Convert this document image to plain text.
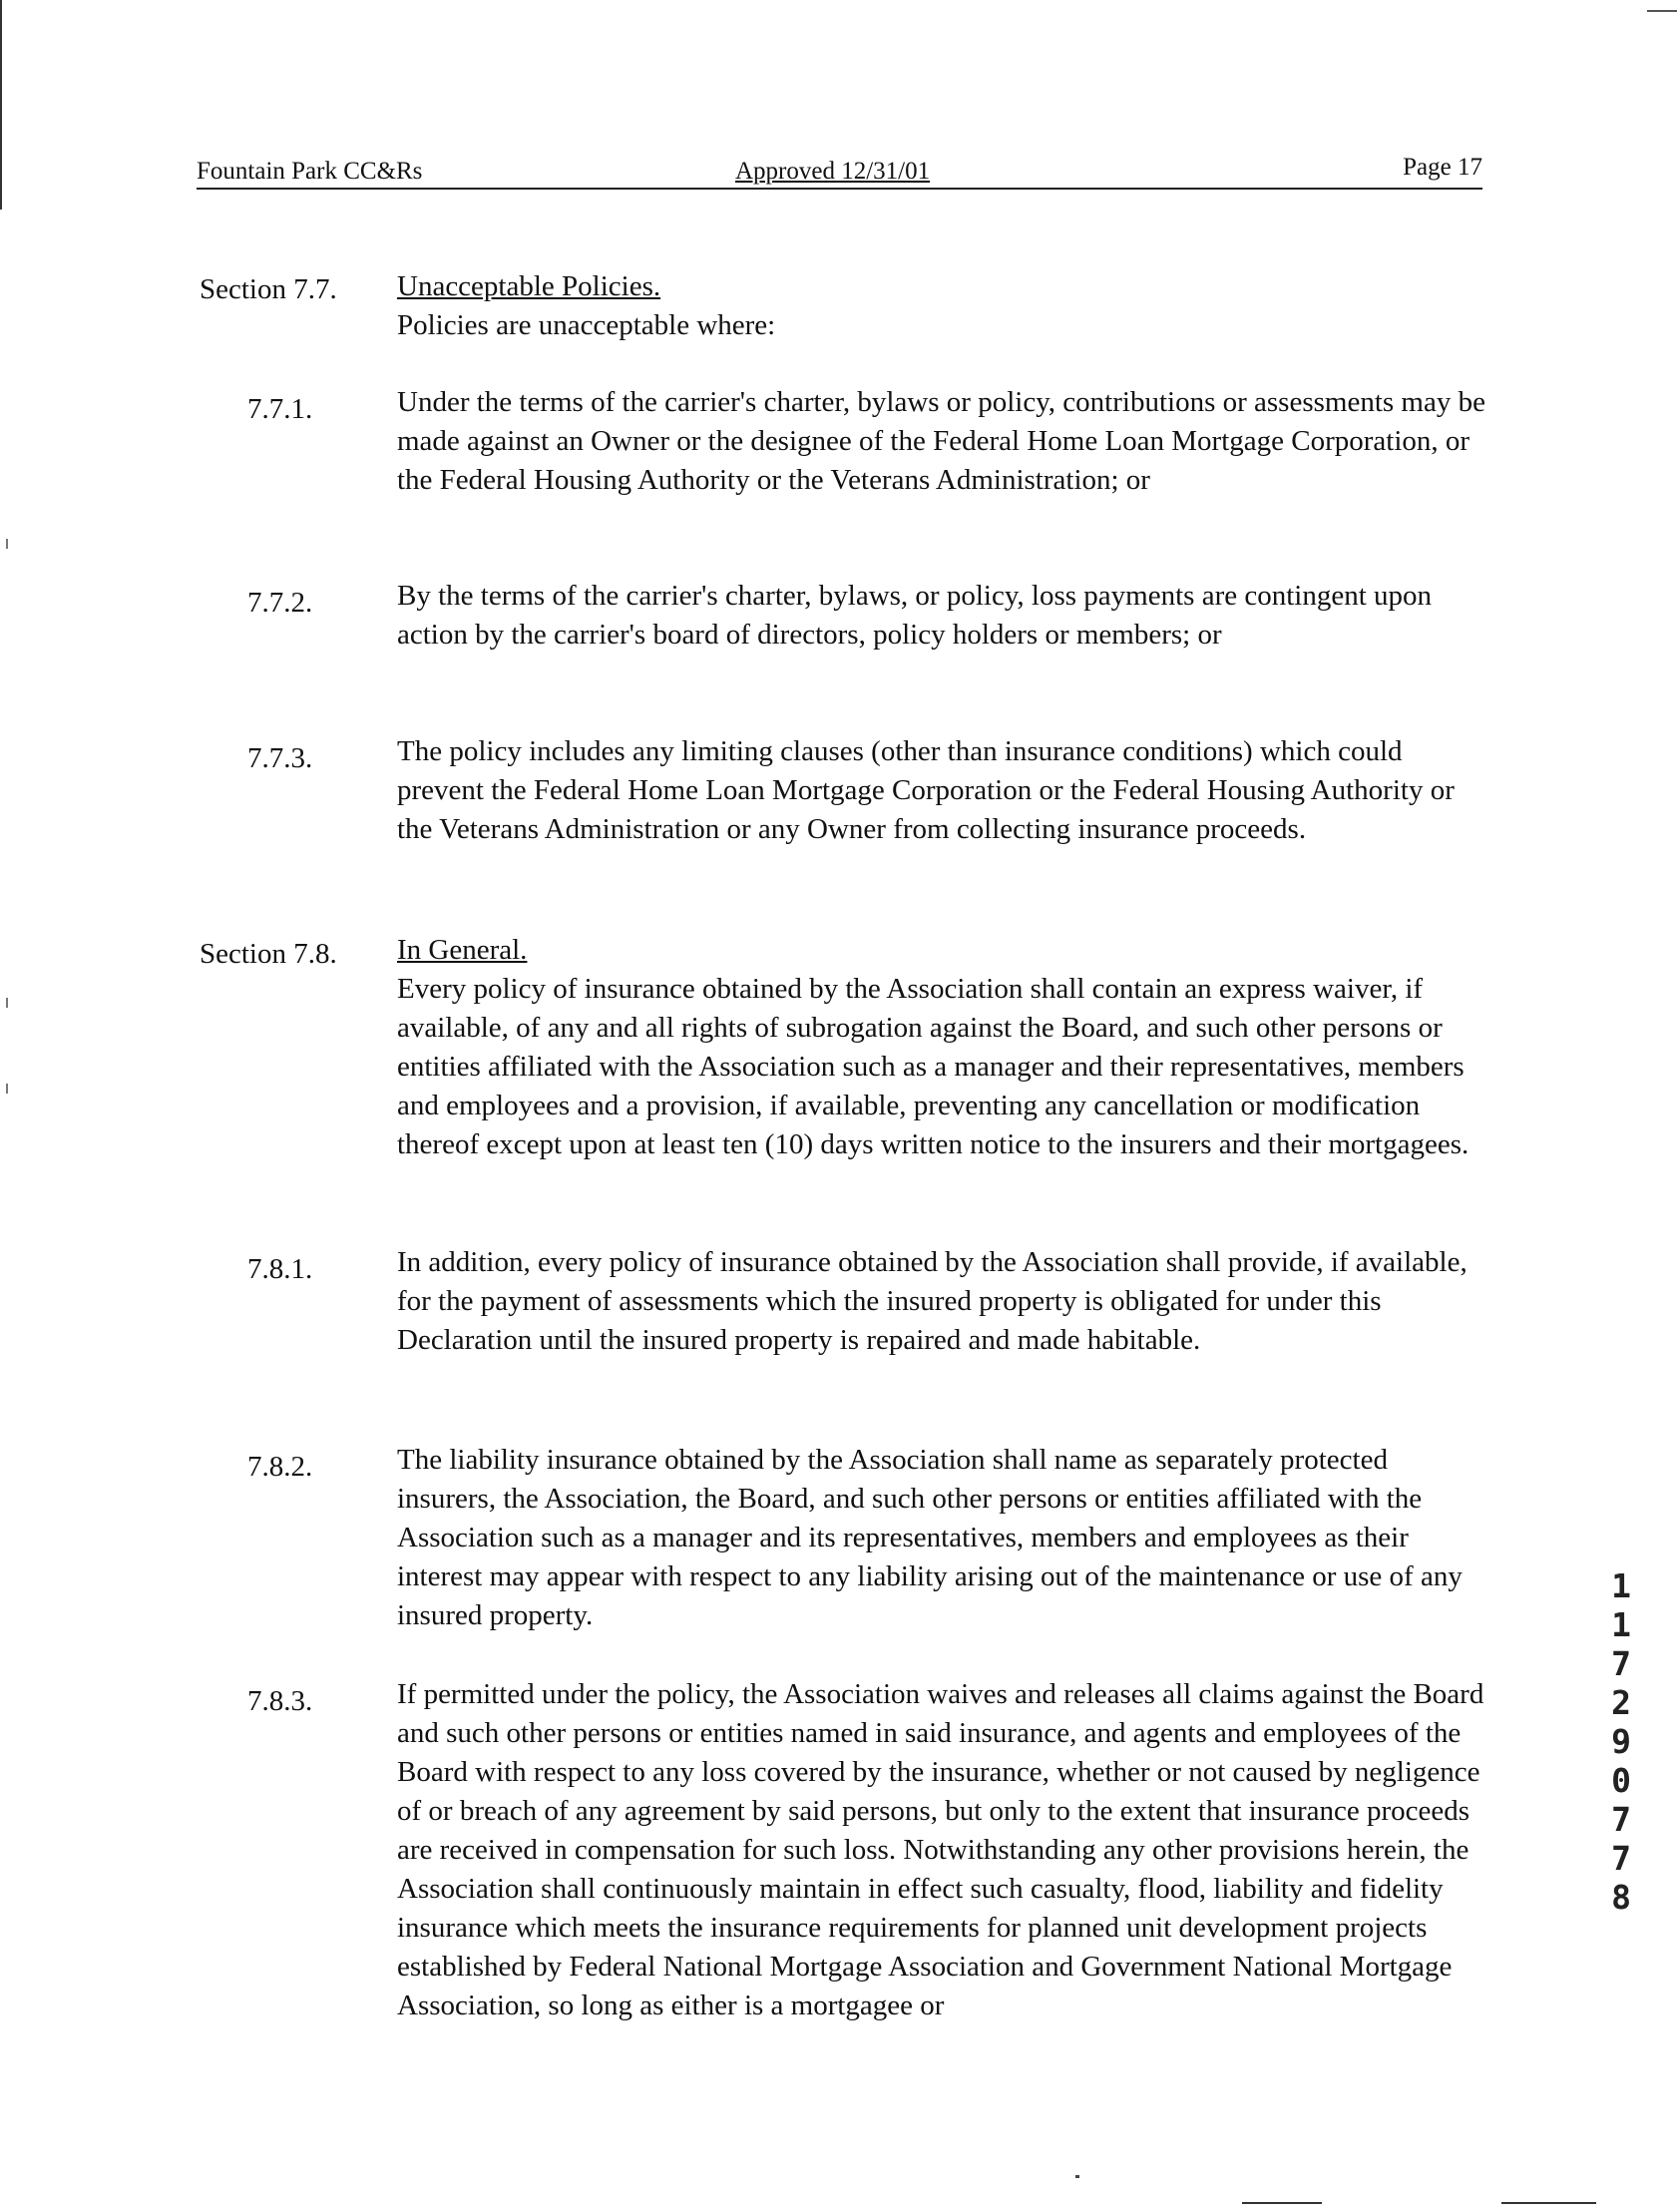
Fountain Park CC&Rs	Approved 12/31/01	Page 17
Section 7.7. Unacceptable Policies.
Policies are unacceptable where:
7.7.1.	Under the terms of the carrier's charter, bylaws or policy, contributions or assessments may be made against an Owner or the designee of the Federal Home Loan Mortgage Corporation, or the Federal Housing Authority or the Veterans Administration; or
7.7.2.	By the terms of the carrier's charter, bylaws, or policy, loss payments are contingent upon action by the carrier's board of directors, policy holders or members; or
7.7.3.	The policy includes any limiting clauses (other than insurance conditions) which could prevent the Federal Home Loan Mortgage Corporation or the Federal Housing Authority or the Veterans Administration or any Owner from collecting insurance proceeds.
Section 7.8. In General.
Every policy of insurance obtained by the Association shall contain an express waiver, if available, of any and all rights of subrogation against the Board, and such other persons or entities affiliated with the Association such as a manager and their representatives, members and employees and a provision, if available, preventing any cancellation or modification thereof except upon at least ten (10) days written notice to the insurers and their mortgagees.
7.8.1.	In addition, every policy of insurance obtained by the Association shall provide, if available, for the payment of assessments which the insured property is obligated for under this Declaration until the insured property is repaired and made habitable.
7.8.2.	The liability insurance obtained by the Association shall name as separately protected insurers, the Association, the Board, and such other persons or entities affiliated with the Association such as a manager and its representatives, members and employees as their interest may appear with respect to any liability arising out of the maintenance or use of any insured property.
7.8.3.	If permitted under the policy, the Association waives and releases all claims against the Board and such other persons or entities named in said insurance, and agents and employees of the Board with respect to any loss covered by the insurance, whether or not caused by negligence of or breach of any agreement by said persons, but only to the extent that insurance proceeds are received in compensation for such loss. Notwithstanding any other provisions herein, the Association shall continuously maintain in effect such casualty, flood, liability and fidelity insurance which meets the insurance requirements for planned unit development projects established by Federal National Mortgage Association and Government National Mortgage Association, so long as either is a mortgagee or
11729 0778
